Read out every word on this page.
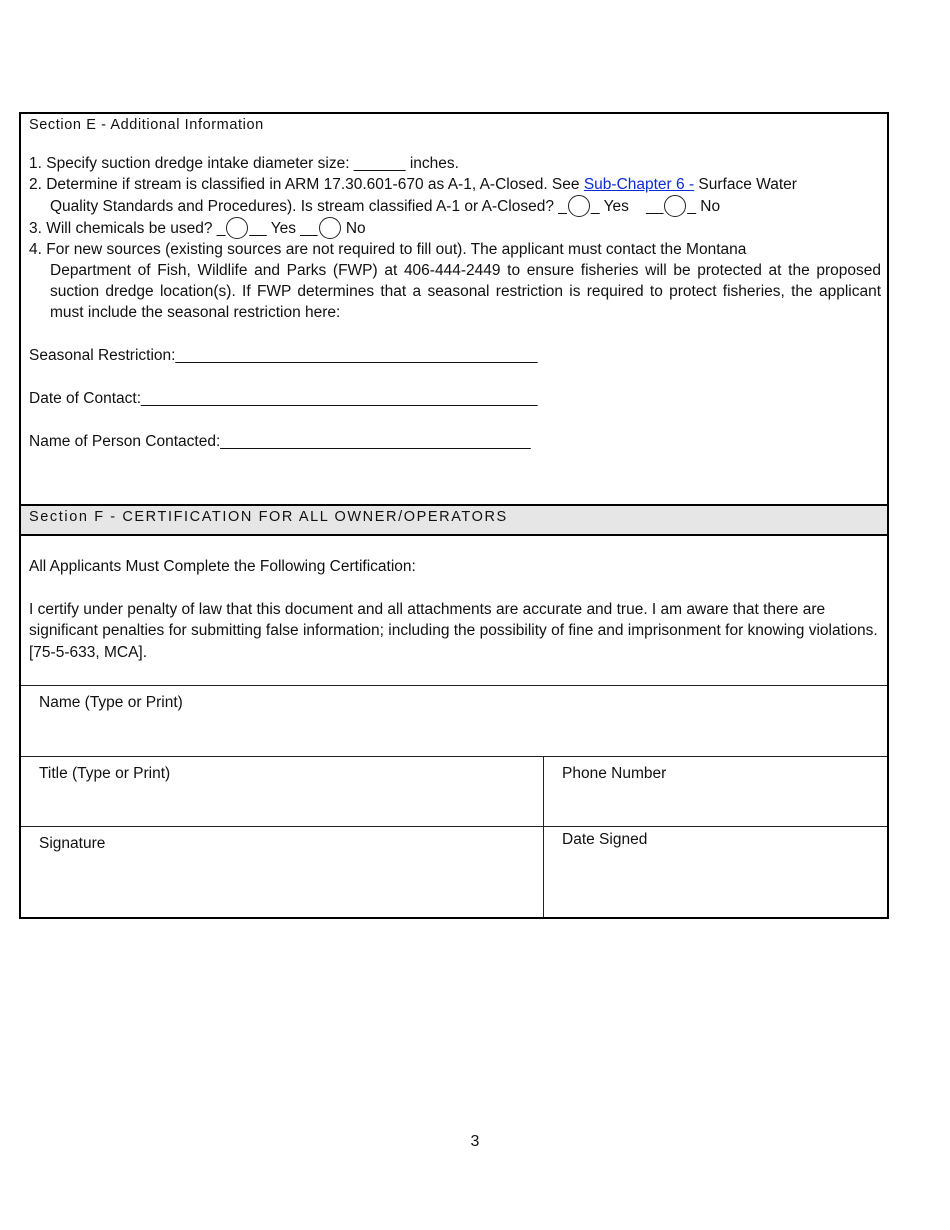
Section E - Additional Information

1. Specify suction dredge intake diameter size: ______ inches.

2. Determine if stream is classified in ARM 17.30.601-670 as A-1, A-Closed. See Sub-Chapter 6 - Surface Water
Quality Standards and Procedures). Is stream classified A-1 or A-Closed? _ _ Yes    __ _ No

3. Will chemicals be used? _ __ Yes __ No

4. For new sources (existing sources are not required to fill out). The applicant must contact the Montana
Department of Fish, Wildlife and Parks (FWP) at 406-444-2449 to ensure fisheries will be protected at the proposed suction dredge location(s). If FWP determines that a seasonal restriction is required to protect fisheries, the applicant must include the seasonal restriction here:

Seasonal Restriction:__________________________________________
Date of Contact:______________________________________________
Name of Person Contacted:____________________________________
Section F - CERTIFICATION FOR ALL OWNER/OPERATORS

All Applicants Must Complete the Following Certification:

I certify under penalty of law that this document and all attachments are accurate and true. I am aware that there are significant penalties for submitting false information; including the possibility of fine and imprisonment for knowing violations. [75-5-633, MCA].

Name (Type or Print)
Title (Type or Print)	Phone Number
Signature	Date Signed
3
